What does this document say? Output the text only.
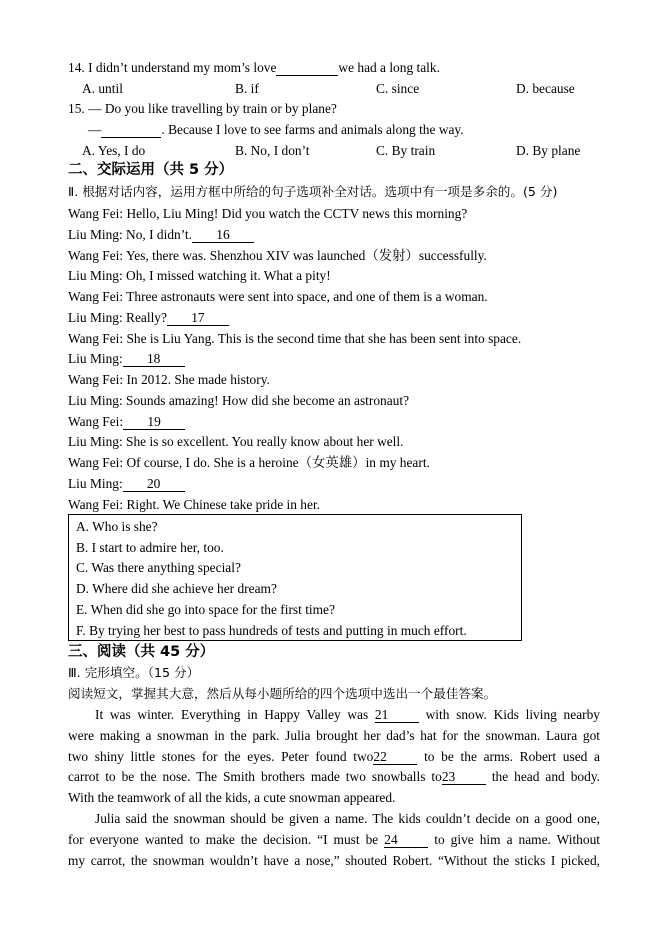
14. I didn’t understand my mom’s love	we had a long talk.
A. until	B. if	C. since	D. because
15. — Do you like travelling by train or by plane?
—	. Because I love to see farms and animals along the way.
A. Yes, I do	B. No, I don’t	C. By train	D. By plane
二、交际运用（共 5 分）
Ⅱ. 根据对话内容，运用方框中所给的句子选项补全对话。选项中有一项是多余的。(5 分)
Wang Fei: Hello, Liu Ming! Did you watch the CCTV news this morning?
Liu Ming: No, I didn’t. 16
Wang Fei: Yes, there was. Shenzhou XIV was launched（发射）successfully.
Liu Ming: Oh, I missed watching it. What a pity!
Wang Fei: Three astronauts were sent into space, and one of them is a woman.
Liu Ming: Really? 17
Wang Fei: She is Liu Yang. This is the second time that she has been sent into space.
Liu Ming: 18
Wang Fei: In 2012. She made history.
Liu Ming: Sounds amazing! How did she become an astronaut?
Wang Fei: 19
Liu Ming: She is so excellent. You really know about her well.
Wang Fei: Of course, I do. She is a heroine（女英雄）in my heart.
Liu Ming: 20
Wang Fei: Right. We Chinese take pride in her.
A. Who is she?
B. I start to admire her, too.
C. Was there anything special?
D. Where did she achieve her dream?
E. When did she go into space for the first time?
F. By trying her best to pass hundreds of tests and putting in much effort.
三、阅读（共 45 分）
Ⅲ. 完形填空。（15 分）
阅读短文，掌握其大意，然后从每小题所给的四个选项中选出一个最佳答案。
It was winter. Everything in Happy Valley was 21 with snow. Kids living nearby
were making a snowman in the park. Julia brought her dad’s hat for the snowman. Laura got
two shiny little stones for the eyes. Peter found two22 to be the arms. Robert used a
carrot to be the nose. The Smith brothers made two snowballs to23 the head and body.
With the teamwork of all the kids, a cute snowman appeared.
Julia said the snowman should be given a name. The kids couldn’t decide on a good one,
for everyone wanted to make the decision. “I must be 24 to give him a name. Without
my carrot, the snowman wouldn’t have a nose,” shouted Robert. “Without the sticks I picked,
